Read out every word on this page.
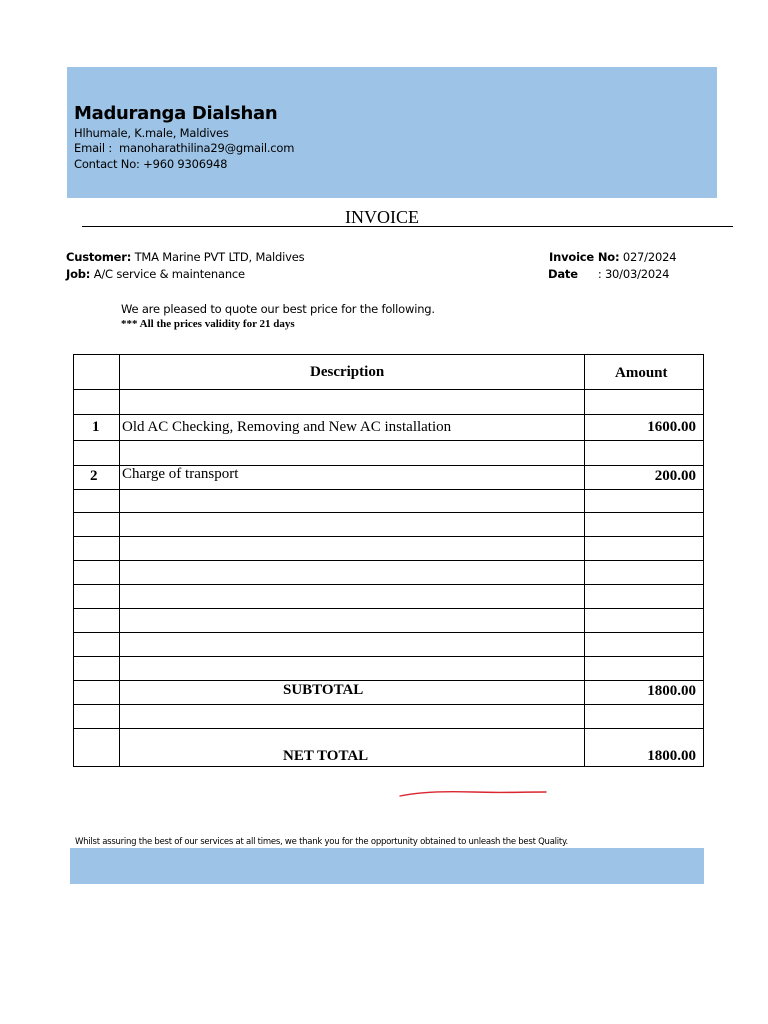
Maduranga Dialshan
Hlhumale, K.male, Maldives
Email : manoharathilina29@gmail.com
Contact No: +960 9306948
INVOICE
Customer: TMA Marine PVT LTD, Maldives
Job: A/C service & maintenance
Invoice No: 027/2024
Date : 30/03/2024
We are pleased to quote our best price for the following.
*** All the prices validity for 21 days
Description	Amount
1 Old AC Checking, Removing and New AC installation	1600.00
2 Charge of transport	200.00
SUBTOTAL	1800.00
NET TOTAL	1800.00
Whilst assuring the best of our services at all times, we thank you for the opportunity obtained to unleash the best Quality.
